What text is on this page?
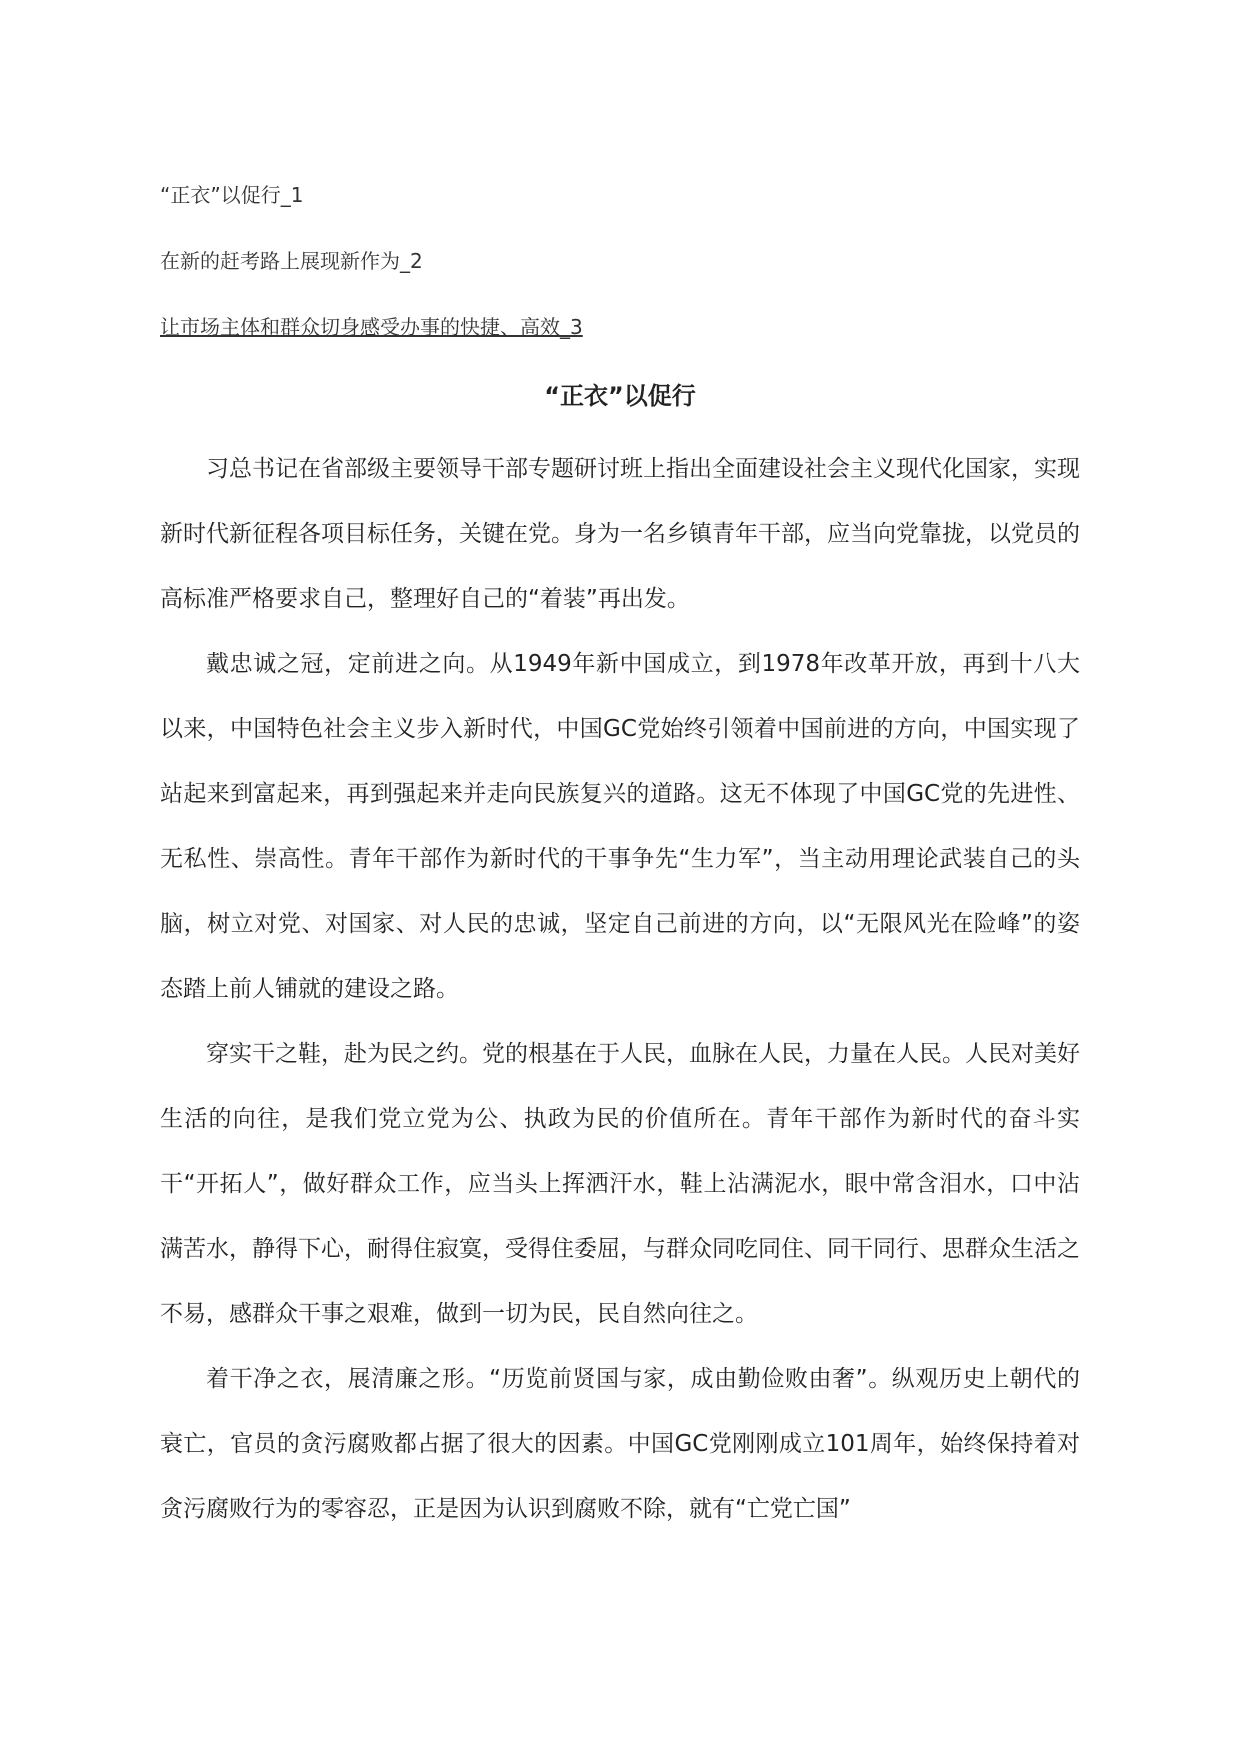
“正衣”以促行_1
在新的赶考路上展现新作为_2
让市场主体和群众切身感受办事的快捷、高效_3
“正衣”以促行

习总书记在省部级主要领导干部专题研讨班上指出全面建设社会主义现代化国家，实现新时代新征程各项目标任务，关键在党。身为一名乡镇青年干部，应当向党靠拢，以党员的高标准严格要求自己，整理好自己的“着装”再出发。

戴忠诚之冠，定前进之向。从1949年新中国成立，到1978年改革开放，再到十八大以来，中国特色社会主义步入新时代，中国GC党始终引领着中国前进的方向，中国实现了站起来到富起来，再到强起来并走向民族复兴的道路。这无不体现了中国GC党的先进性、无私性、崇高性。青年干部作为新时代的干事争先“生力军”，当主动用理论武装自己的头脑，树立对党、对国家、对人民的忠诚，坚定自己前进的方向，以“无限风光在险峰”的姿态踏上前人铺就的建设之路。

穿实干之鞋，赴为民之约。党的根基在于人民，血脉在人民，力量在人民。人民对美好生活的向往，是我们党立党为公、执政为民的价值所在。青年干部作为新时代的奋斗实干“开拓人”，做好群众工作，应当头上挥洒汗水，鞋上沾满泥水，眼中常含泪水，口中沾满苦水，静得下心，耐得住寂寞，受得住委屈，与群众同吃同住、同干同行、思群众生活之不易，感群众干事之艰难，做到一切为民，民自然向往之。

着干净之衣，展清廉之形。“历览前贤国与家，成由勤俭败由奢”。纵观历史上朝代的衰亡，官员的贪污腐败都占据了很大的因素。中国GC党刚刚成立101周年，始终保持着对贪污腐败行为的零容忍，正是因为认识到腐败不除，就有“亡党亡国”
